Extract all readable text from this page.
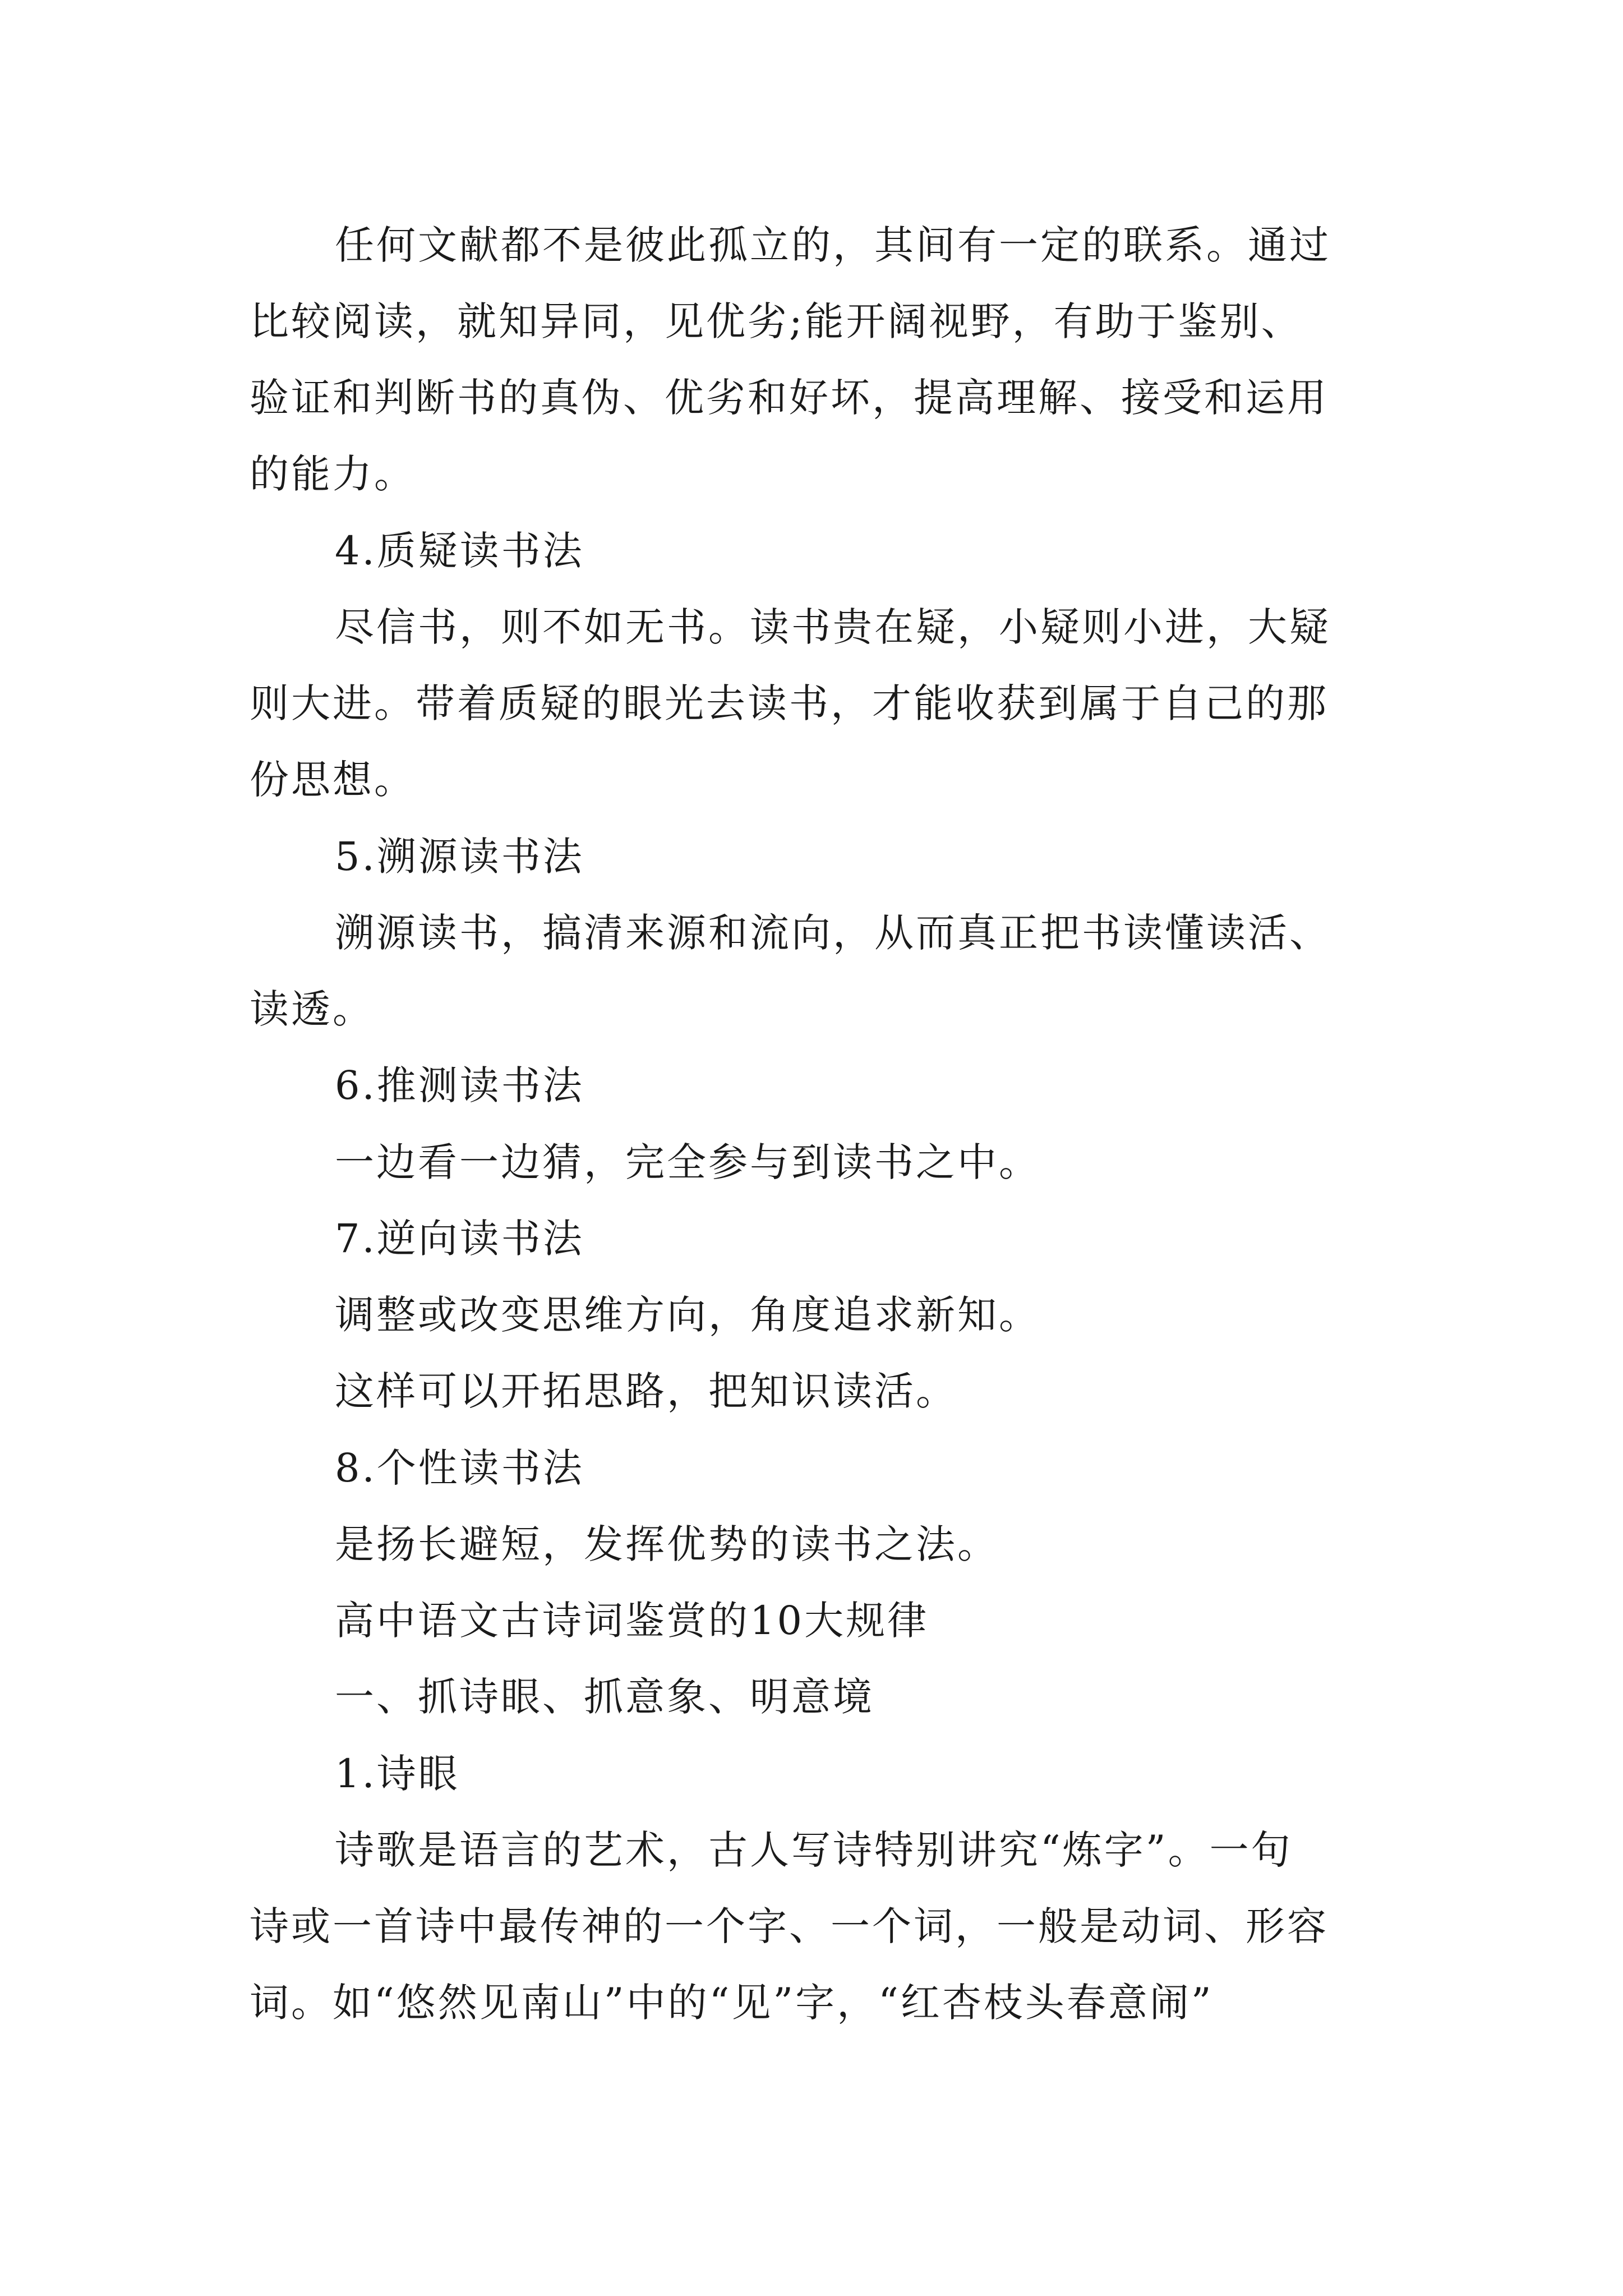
任何文献都不是彼此孤立的，其间有一定的联系。通过
比较阅读，就知异同，见优劣;能开阔视野，有助于鉴别、
验证和判断书的真伪、优劣和好坏，提高理解、接受和运用
的能力。
4.质疑读书法
尽信书，则不如无书。读书贵在疑，小疑则小进，大疑
则大进。带着质疑的眼光去读书，才能收获到属于自己的那
份思想。
5.溯源读书法
溯源读书，搞清来源和流向，从而真正把书读懂读活、
读透。
6.推测读书法
一边看一边猜，完全参与到读书之中。
7.逆向读书法
调整或改变思维方向，角度追求新知。
这样可以开拓思路，把知识读活。
8.个性读书法
是扬长避短，发挥优势的读书之法。
高中语文古诗词鉴赏的10大规律
一、抓诗眼、抓意象、明意境
1.诗眼
诗歌是语言的艺术，古人写诗特别讲究“炼字”。一句
诗或一首诗中最传神的一个字、一个词，一般是动词、形容
词。如“悠然见南山”中的“见”字，“红杏枝头春意闹”
